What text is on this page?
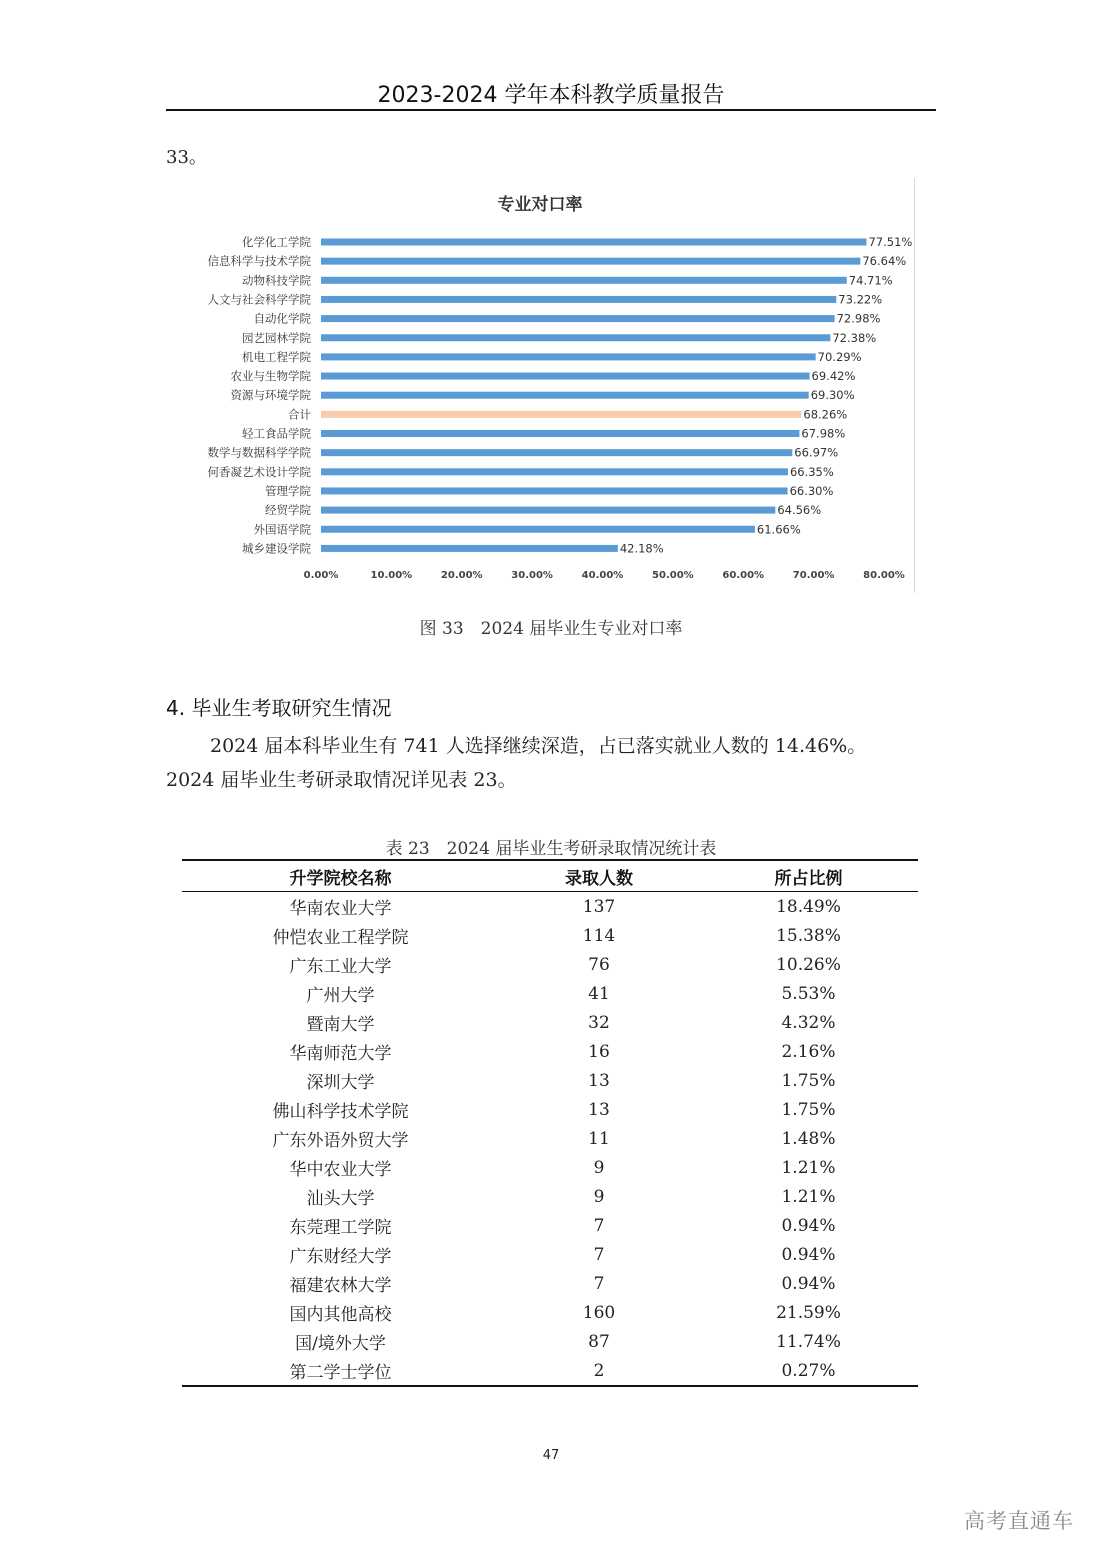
2023-2024 学年本科教学质量报告
33。
专业对口率
化学化工学院	77.51%
信息科学与技术学院	76.64%
动物科技学院	74.71%
人文与社会科学学院	73.22%
自动化学院	72.98%
园艺园林学院	72.38%
机电工程学院	70.29%
农业与生物学院	69.42%
资源与环境学院	69.30%
合计	68.26%
轻工食品学院	67.98%
数学与数据科学学院	66.97%
何香凝艺术设计学院	66.35%
管理学院	66.30%
经贸学院	64.56%
外国语学院	61.66%
城乡建设学院	42.18%
0.00%	10.00%	20.00%	30.00%	40.00%	50.00%	60.00%	70.00%	80.00%
图 33　2024 届毕业生专业对口率
4. 毕业生考取研究生情况
2024 届本科毕业生有 741 人选择继续深造，占已落实就业人数的 14.46%。
2024 届毕业生考研录取情况详见表 23。
表 23　2024 届毕业生考研录取情况统计表
升学院校名称	录取人数	所占比例
华南农业大学	137	18.49%
仲恺农业工程学院	114	15.38%
广东工业大学	76	10.26%
广州大学	41	5.53%
暨南大学	32	4.32%
华南师范大学	16	2.16%
深圳大学	13	1.75%
佛山科学技术学院	13	1.75%
广东外语外贸大学	11	1.48%
华中农业大学	9	1.21%
汕头大学	9	1.21%
东莞理工学院	7	0.94%
广东财经大学	7	0.94%
福建农林大学	7	0.94%
国内其他高校	160	21.59%
国/境外大学	87	11.74%
第二学士学位	2	0.27%
47
高考直通车
